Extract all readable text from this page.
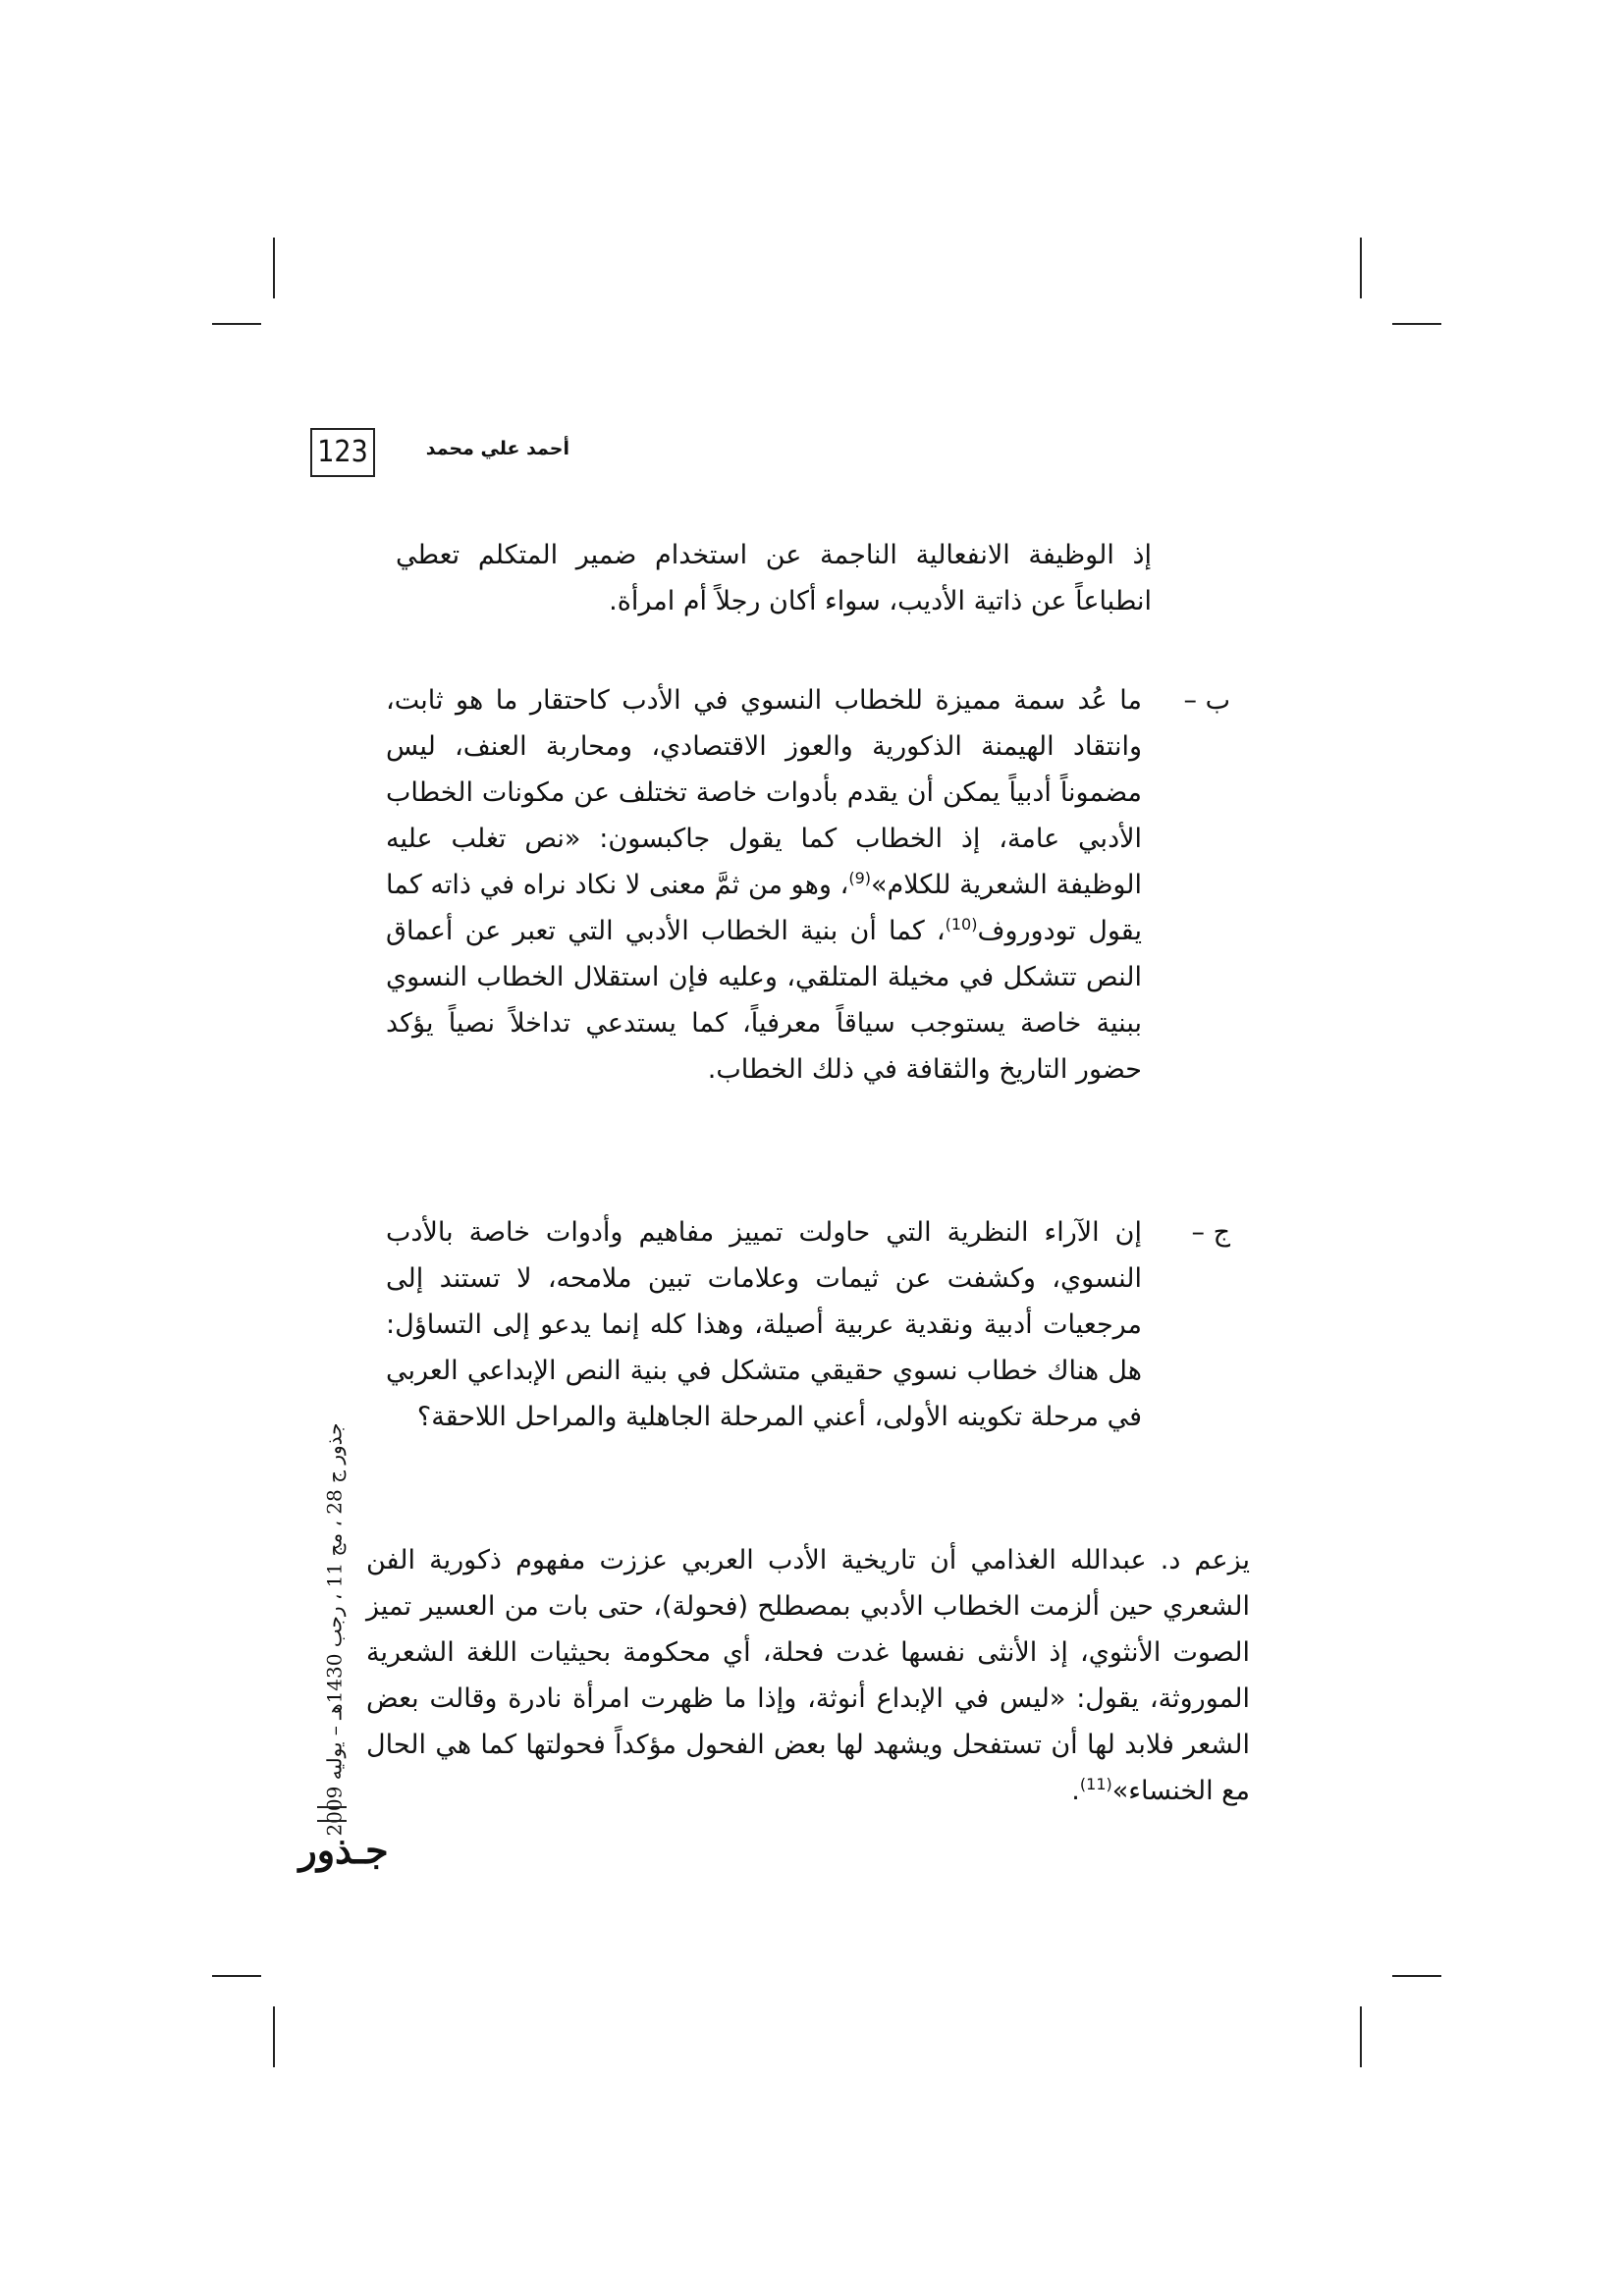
123	أحمد علي محمد

إذ الوظيفة الانفعالية الناجمة عن استخدام ضمير المتكلم تعطي انطباعاً عن ذاتية الأديب، سواء أكان رجلاً أم امرأة.

ب –

ما عُد سمة مميزة للخطاب النسوي في الأدب كاحتقار ما هو ثابت، وانتقاد الهيمنة الذكورية والعوز الاقتصادي، ومحاربة العنف، ليس مضموناً أدبياً يمكن أن يقدم بأدوات خاصة تختلف عن مكونات الخطاب الأدبي عامة، إذ الخطاب كما يقول جاكبسون: «نص تغلب عليه الوظيفة الشعرية للكلام»$^{(9)}$، وهو من ثمَّ معنى لا نكاد نراه في ذاته كما يقول تودوروف$^{(10)}$، كما أن بنية الخطاب الأدبي التي تعبر عن أعماق النص تتشكل في مخيلة المتلقي، وعليه فإن استقلال الخطاب النسوي ببنية خاصة يستوجب سياقاً معرفياً، كما يستدعي تداخلاً نصياً يؤكد حضور التاريخ والثقافة في ذلك الخطاب.

ج –

إن الآراء النظرية التي حاولت تمييز مفاهيم وأدوات خاصة بالأدب النسوي، وكشفت عن ثيمات وعلامات تبين ملامحه، لا تستند إلى مرجعيات أدبية ونقدية عربية أصيلة، وهذا كله إنما يدعو إلى التساؤل: هل هناك خطاب نسوي حقيقي متشكل في بنية النص الإبداعي العربي في مرحلة تكوينه الأولى، أعني المرحلة الجاهلية والمراحل اللاحقة؟

يزعم د. عبدالله الغذامي أن تاريخية الأدب العربي عززت مفهوم ذكورية الفن الشعري حين ألزمت الخطاب الأدبي بمصطلح (فحولة)، حتى بات من العسير تميز الصوت الأنثوي، إذ الأنثى نفسها غدت فحلة، أي محكومة بحيثيات اللغة الشعرية الموروثة، يقول: «ليس في الإبداع أنوثة، وإذا ما ظهرت امرأة نادرة وقالت بعض الشعر فلابد لها أن تستفحل ويشهد لها بعض الفحول مؤكداً فحولتها كما هي الحال مع الخنساء»$^{(11)}$.

جذور ج 28 ، مج 11 ، رجب 1430هـ – يوليه 2009
جـذور
